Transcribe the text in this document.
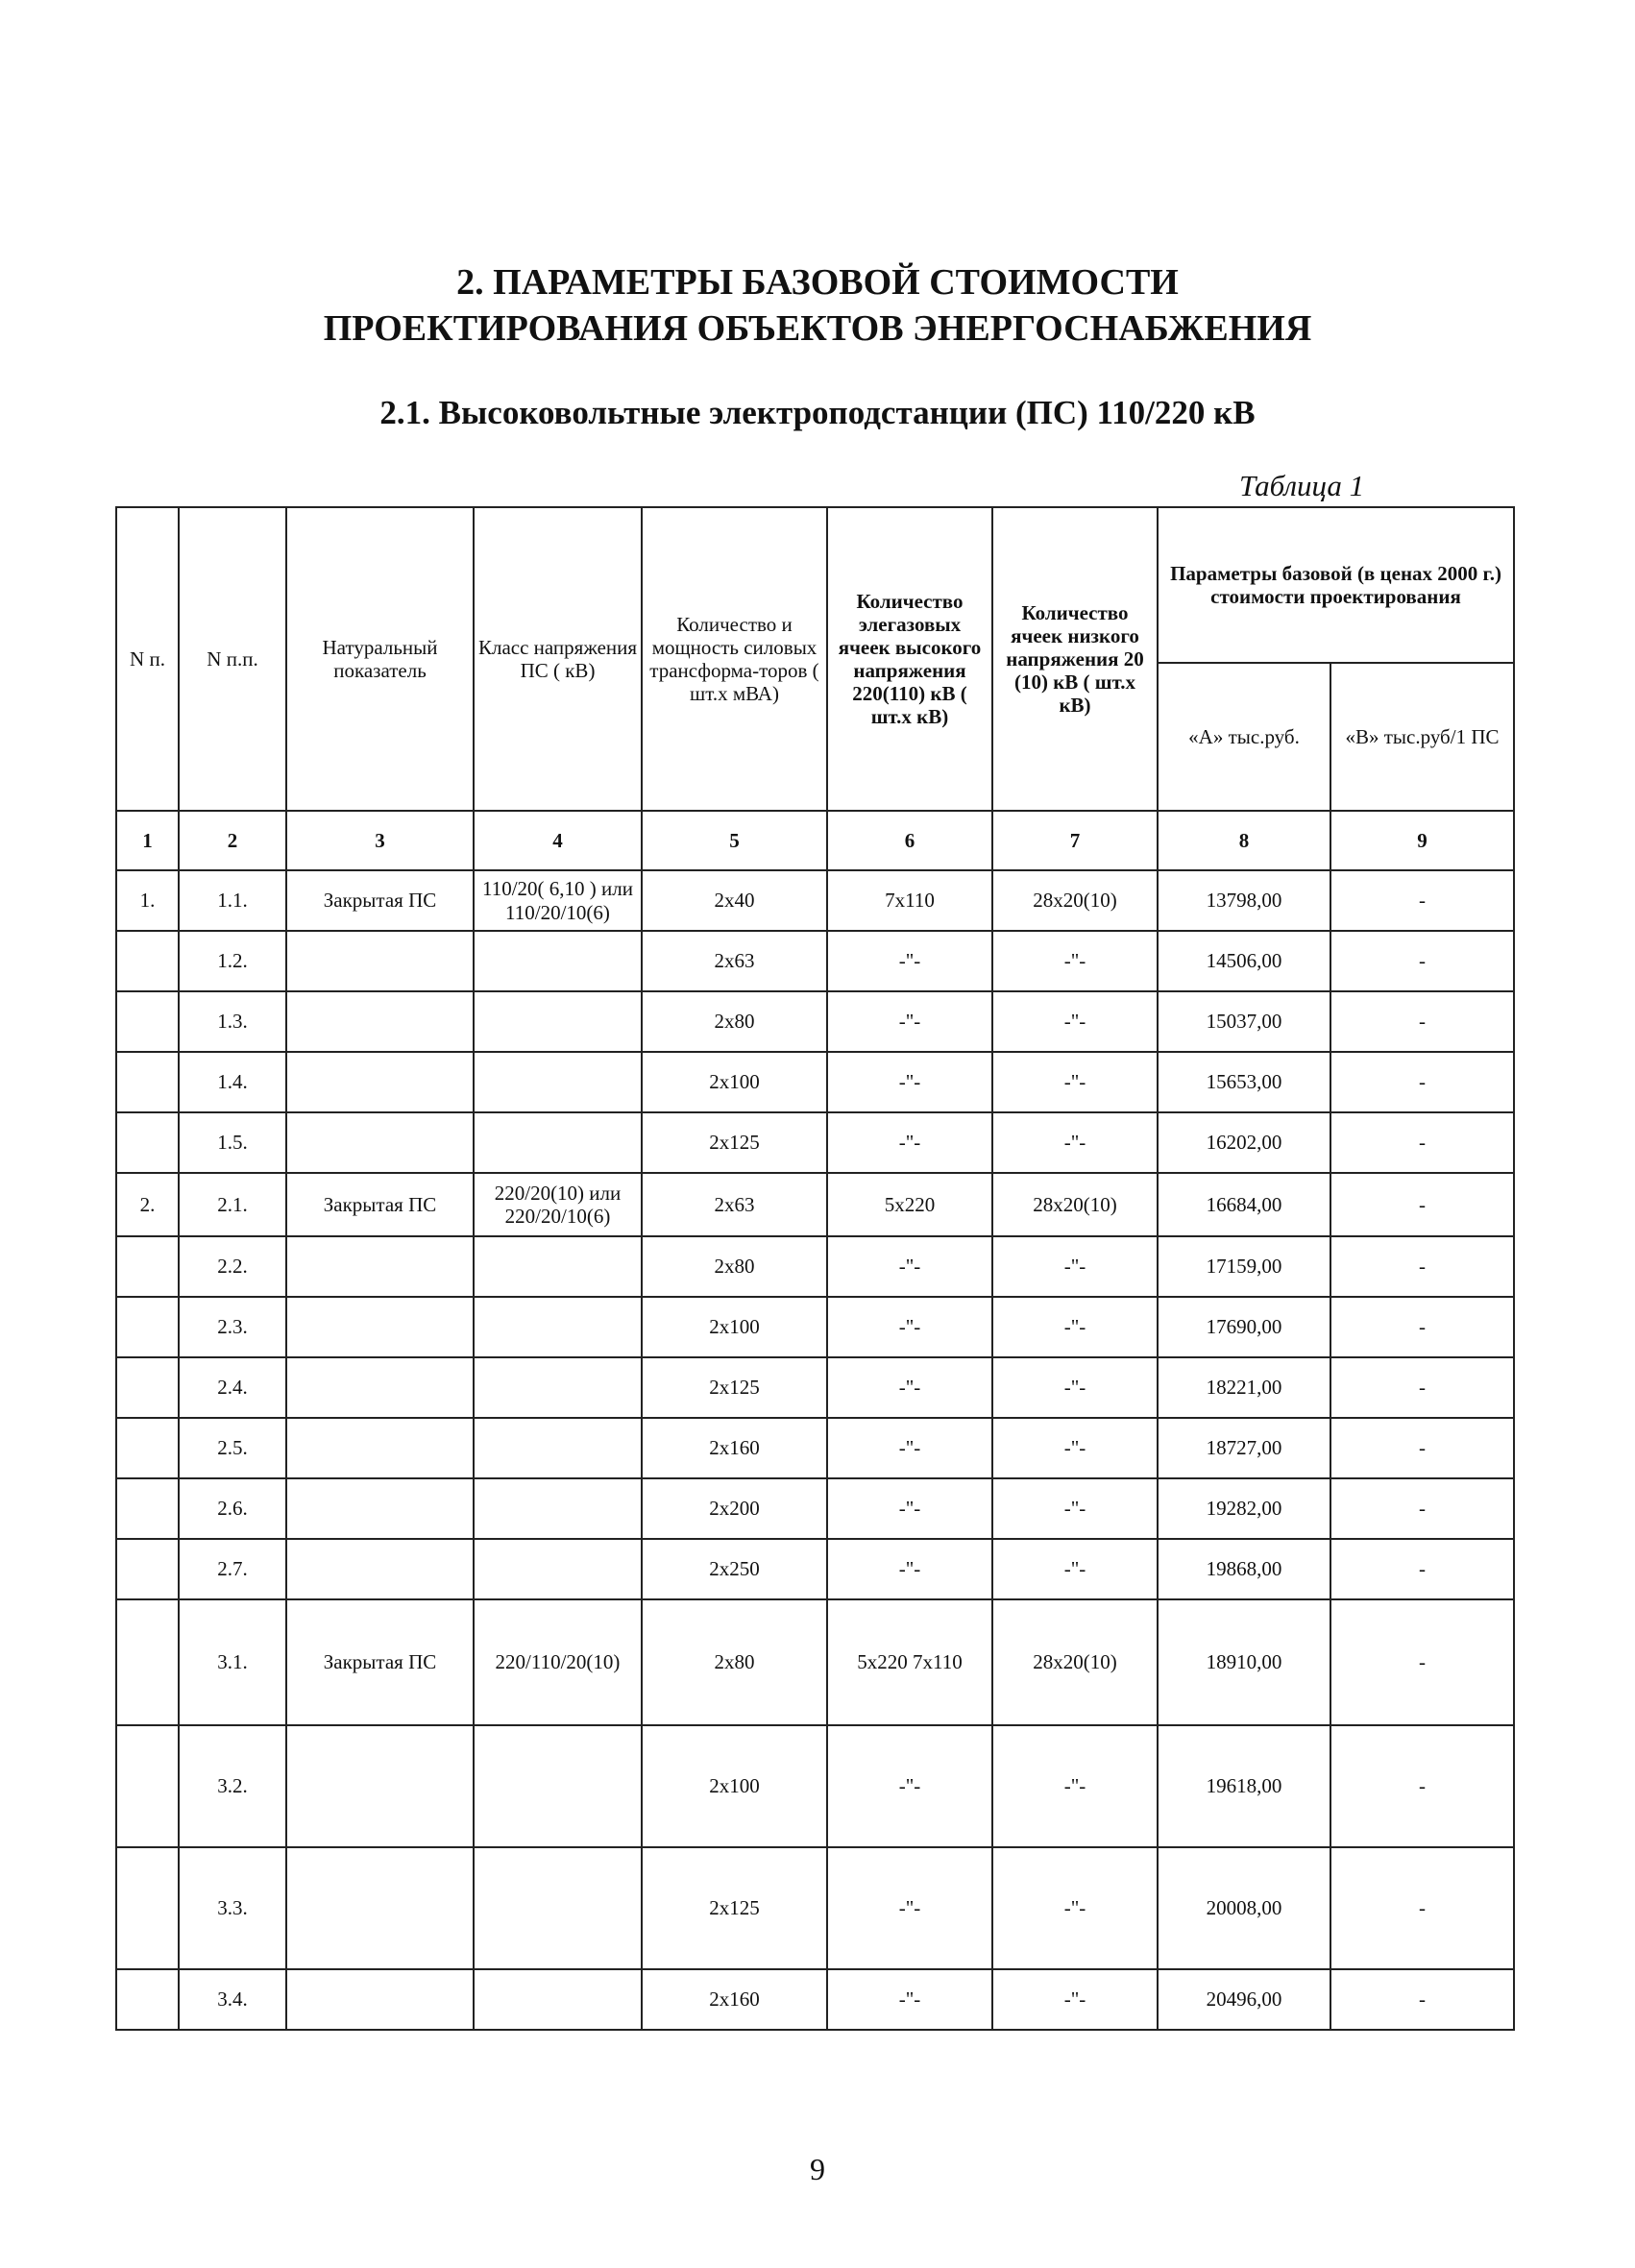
2. ПАРАМЕТРЫ БАЗОВОЙ СТОИМОСТИ
ПРОЕКТИРОВАНИЯ ОБЪЕКТОВ ЭНЕРГОСНАБЖЕНИЯ
2.1. Высоковольтные электроподстанции (ПС) 110/220 кВ
Таблица 1
N п.	N п.п.	Натуральный показатель	Класс напряжения ПС ( кВ)	Количество и мощность силовых трансформа-торов ( шт.х мВА)	Количество элегазовых ячеек высокого напряжения 220(110) кВ ( шт.х кВ)	Количество ячеек низкого напряжения 20 (10) кВ ( шт.х кВ)	Параметры базовой (в ценах 2000 г.) стоимости проектирования	
							«А» тыс.руб.	«В» тыс.руб/1 ПС
1	2	3	4	5	6	7	8	9
1.	1.1.	Закрытая ПС	110/20( 6,10 ) или 110/20/10(6)	2х40	7х110	28х20(10)	13798,00	-
	1.2.			2х63	-"-	-"-	14506,00	-
	1.3.			2х80	-"-	-"-	15037,00	-
	1.4.			2х100	-"-	-"-	15653,00	-
	1.5.			2х125	-"-	-"-	16202,00	-
2.	2.1.	Закрытая ПС	220/20(10) или 220/20/10(6)	2х63	5х220	28х20(10)	16684,00	-
	2.2.			2х80	-"-	-"-	17159,00	-
	2.3.			2х100	-"-	-"-	17690,00	-
	2.4.			2х125	-"-	-"-	18221,00	-
	2.5.			2х160	-"-	-"-	18727,00	-
	2.6.			2х200	-"-	-"-	19282,00	-
	2.7.			2х250	-"-	-"-	19868,00	-
	3.1.	Закрытая ПС	220/110/20(10)	2х80	5х220 7х110	28х20(10)	18910,00	-
	3.2.			2х100	-"-	-"-	19618,00	-
	3.3.			2х125	-"-	-"-	20008,00	-
	3.4.			2х160	-"-	-"-	20496,00	-
9
